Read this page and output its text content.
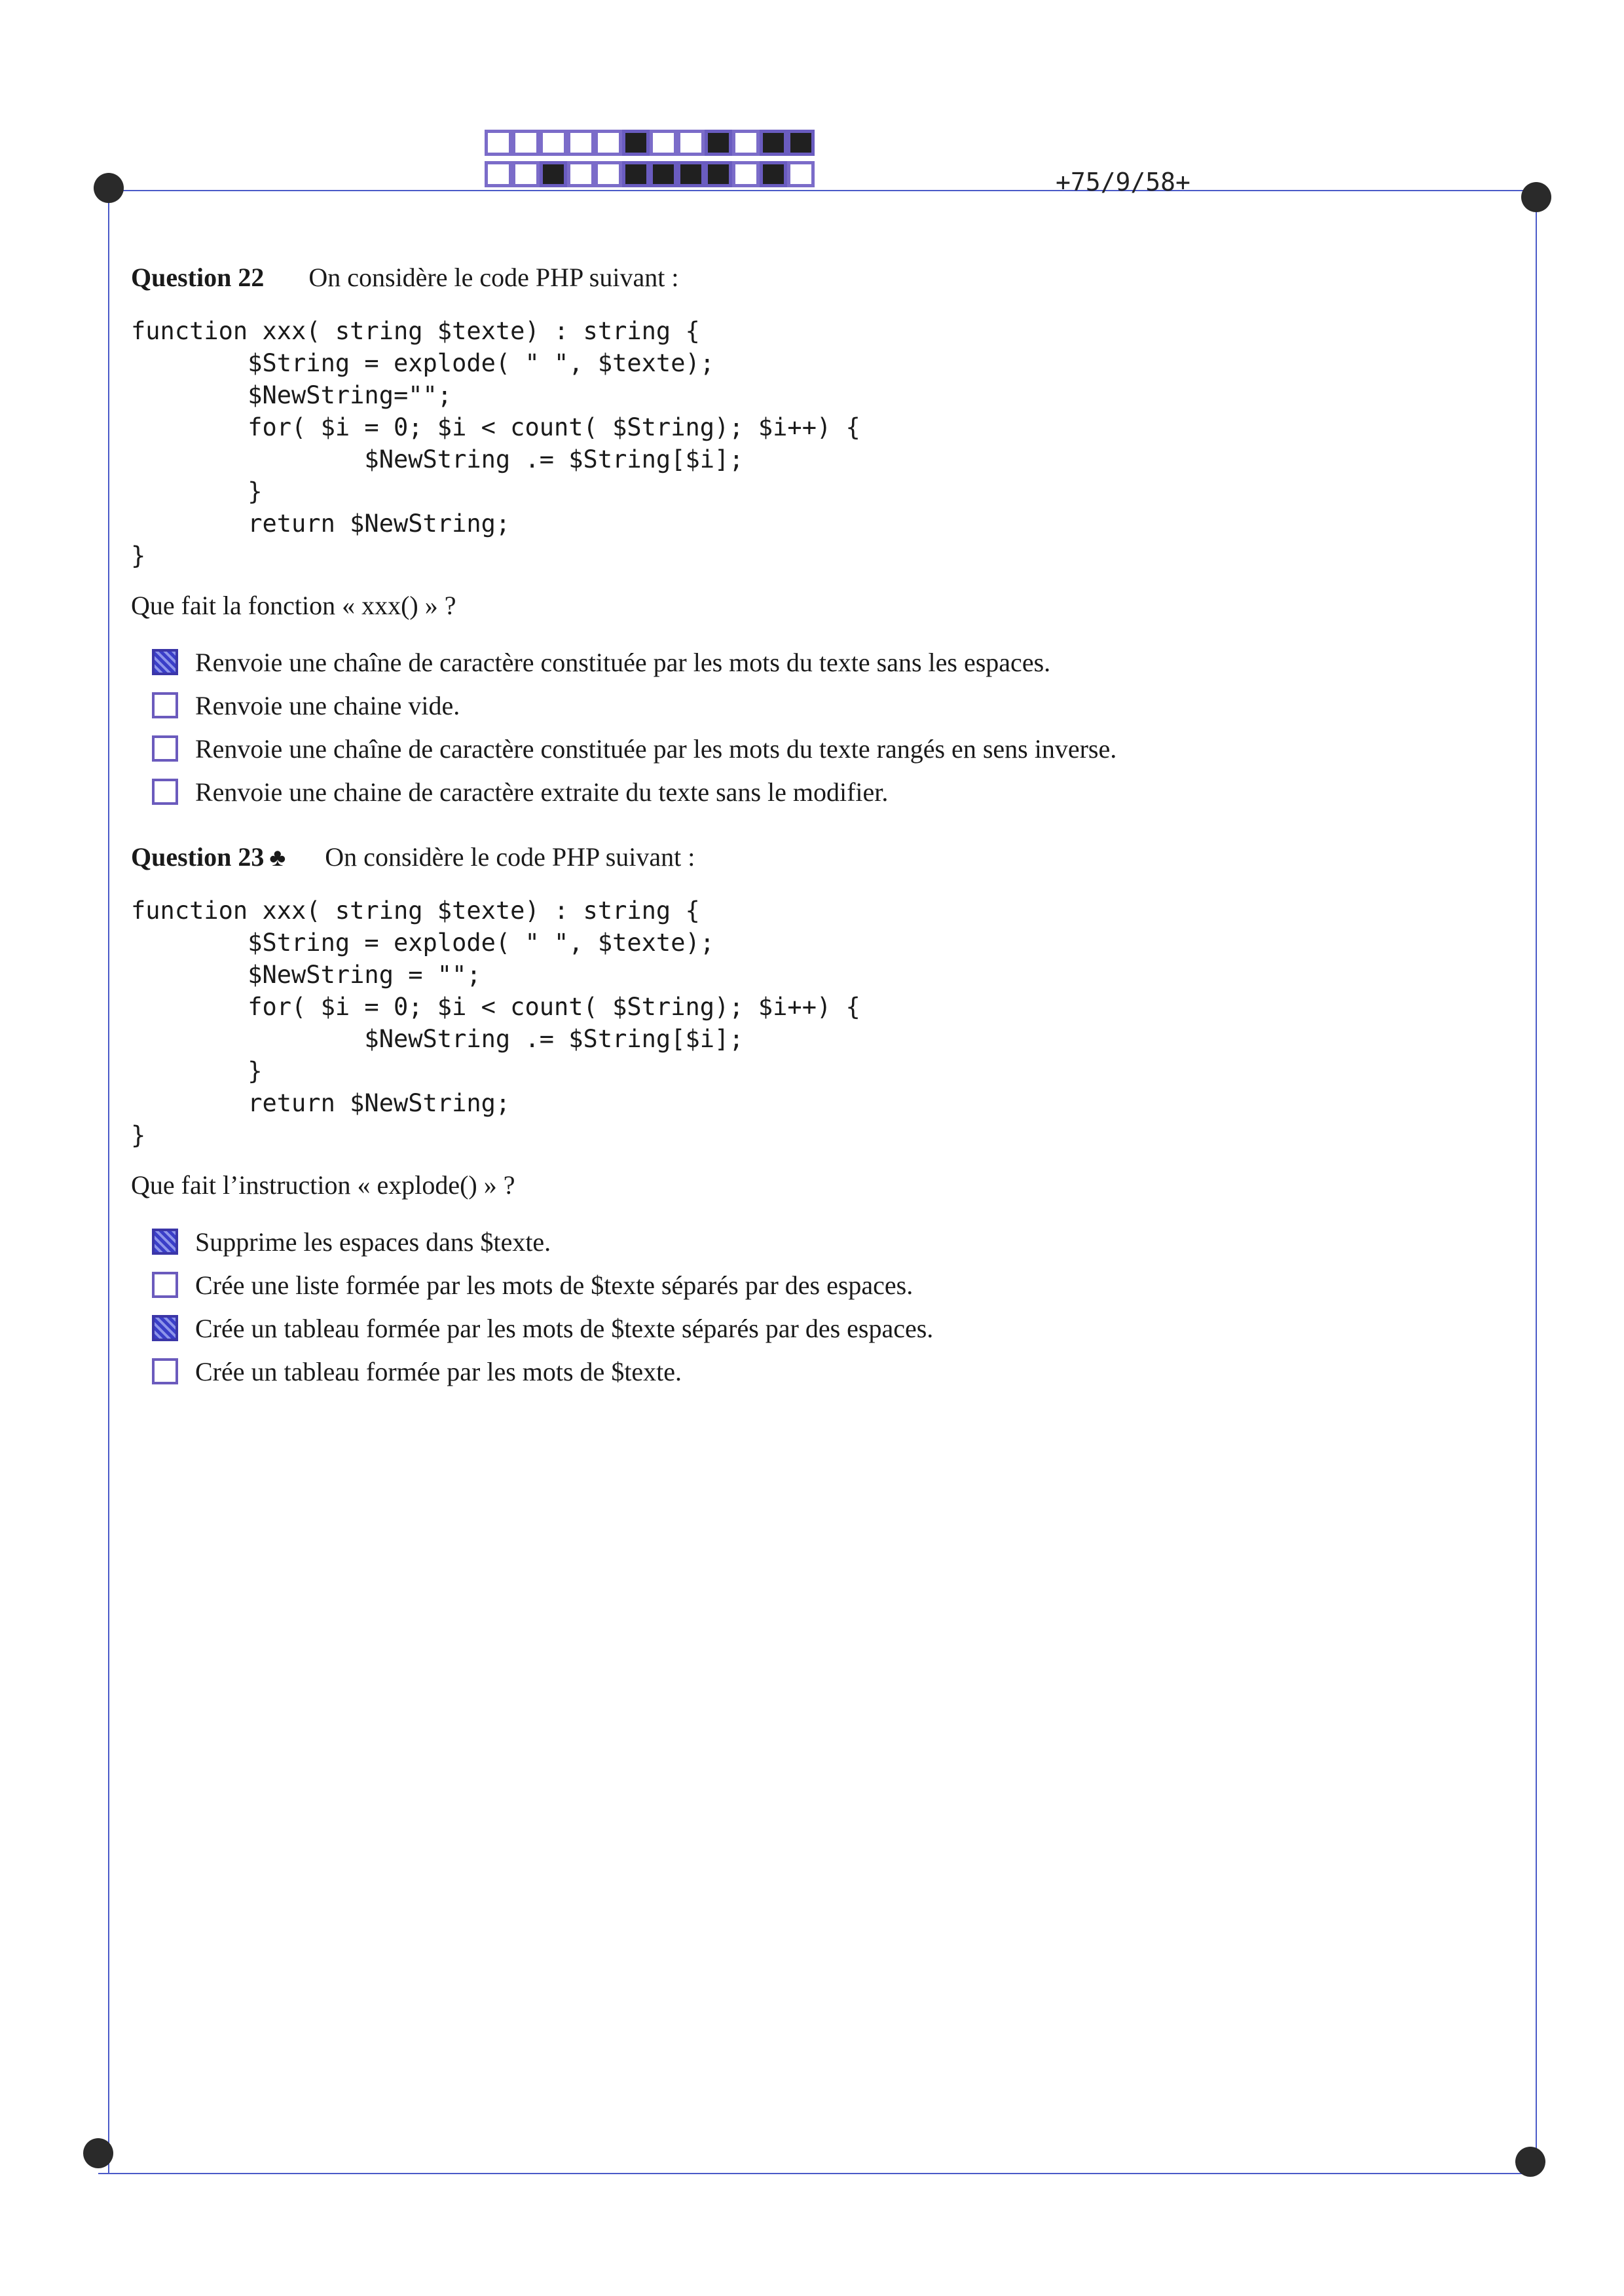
+75/9/58+
Question 22 On considère le code PHP suivant :
function xxx( string $texte) : string {
$String = explode( " ", $texte);
$NewString="";
for( $i = 0; $i < count( $String); $i++) {
$NewString .= $String[$i];
}
return $NewString;
}
Que fait la fonction « xxx() » ?
Renvoie une chaîne de caractère constituée par les mots du texte sans les espaces.
Renvoie une chaine vide.
Renvoie une chaîne de caractère constituée par les mots du texte rangés en sens inverse.
Renvoie une chaine de caractère extraite du texte sans le modifier.
Question 23 ♣ On considère le code PHP suivant :
function xxx( string $texte) : string {
$String = explode( " ", $texte);
$NewString = "";
for( $i = 0; $i < count( $String); $i++) {
$NewString .= $String[$i];
}
return $NewString;
}
Que fait l’instruction « explode() » ?
Supprime les espaces dans $texte.
Crée une liste formée par les mots de $texte séparés par des espaces.
Crée un tableau formée par les mots de $texte séparés par des espaces.
Crée un tableau formée par les mots de $texte.
